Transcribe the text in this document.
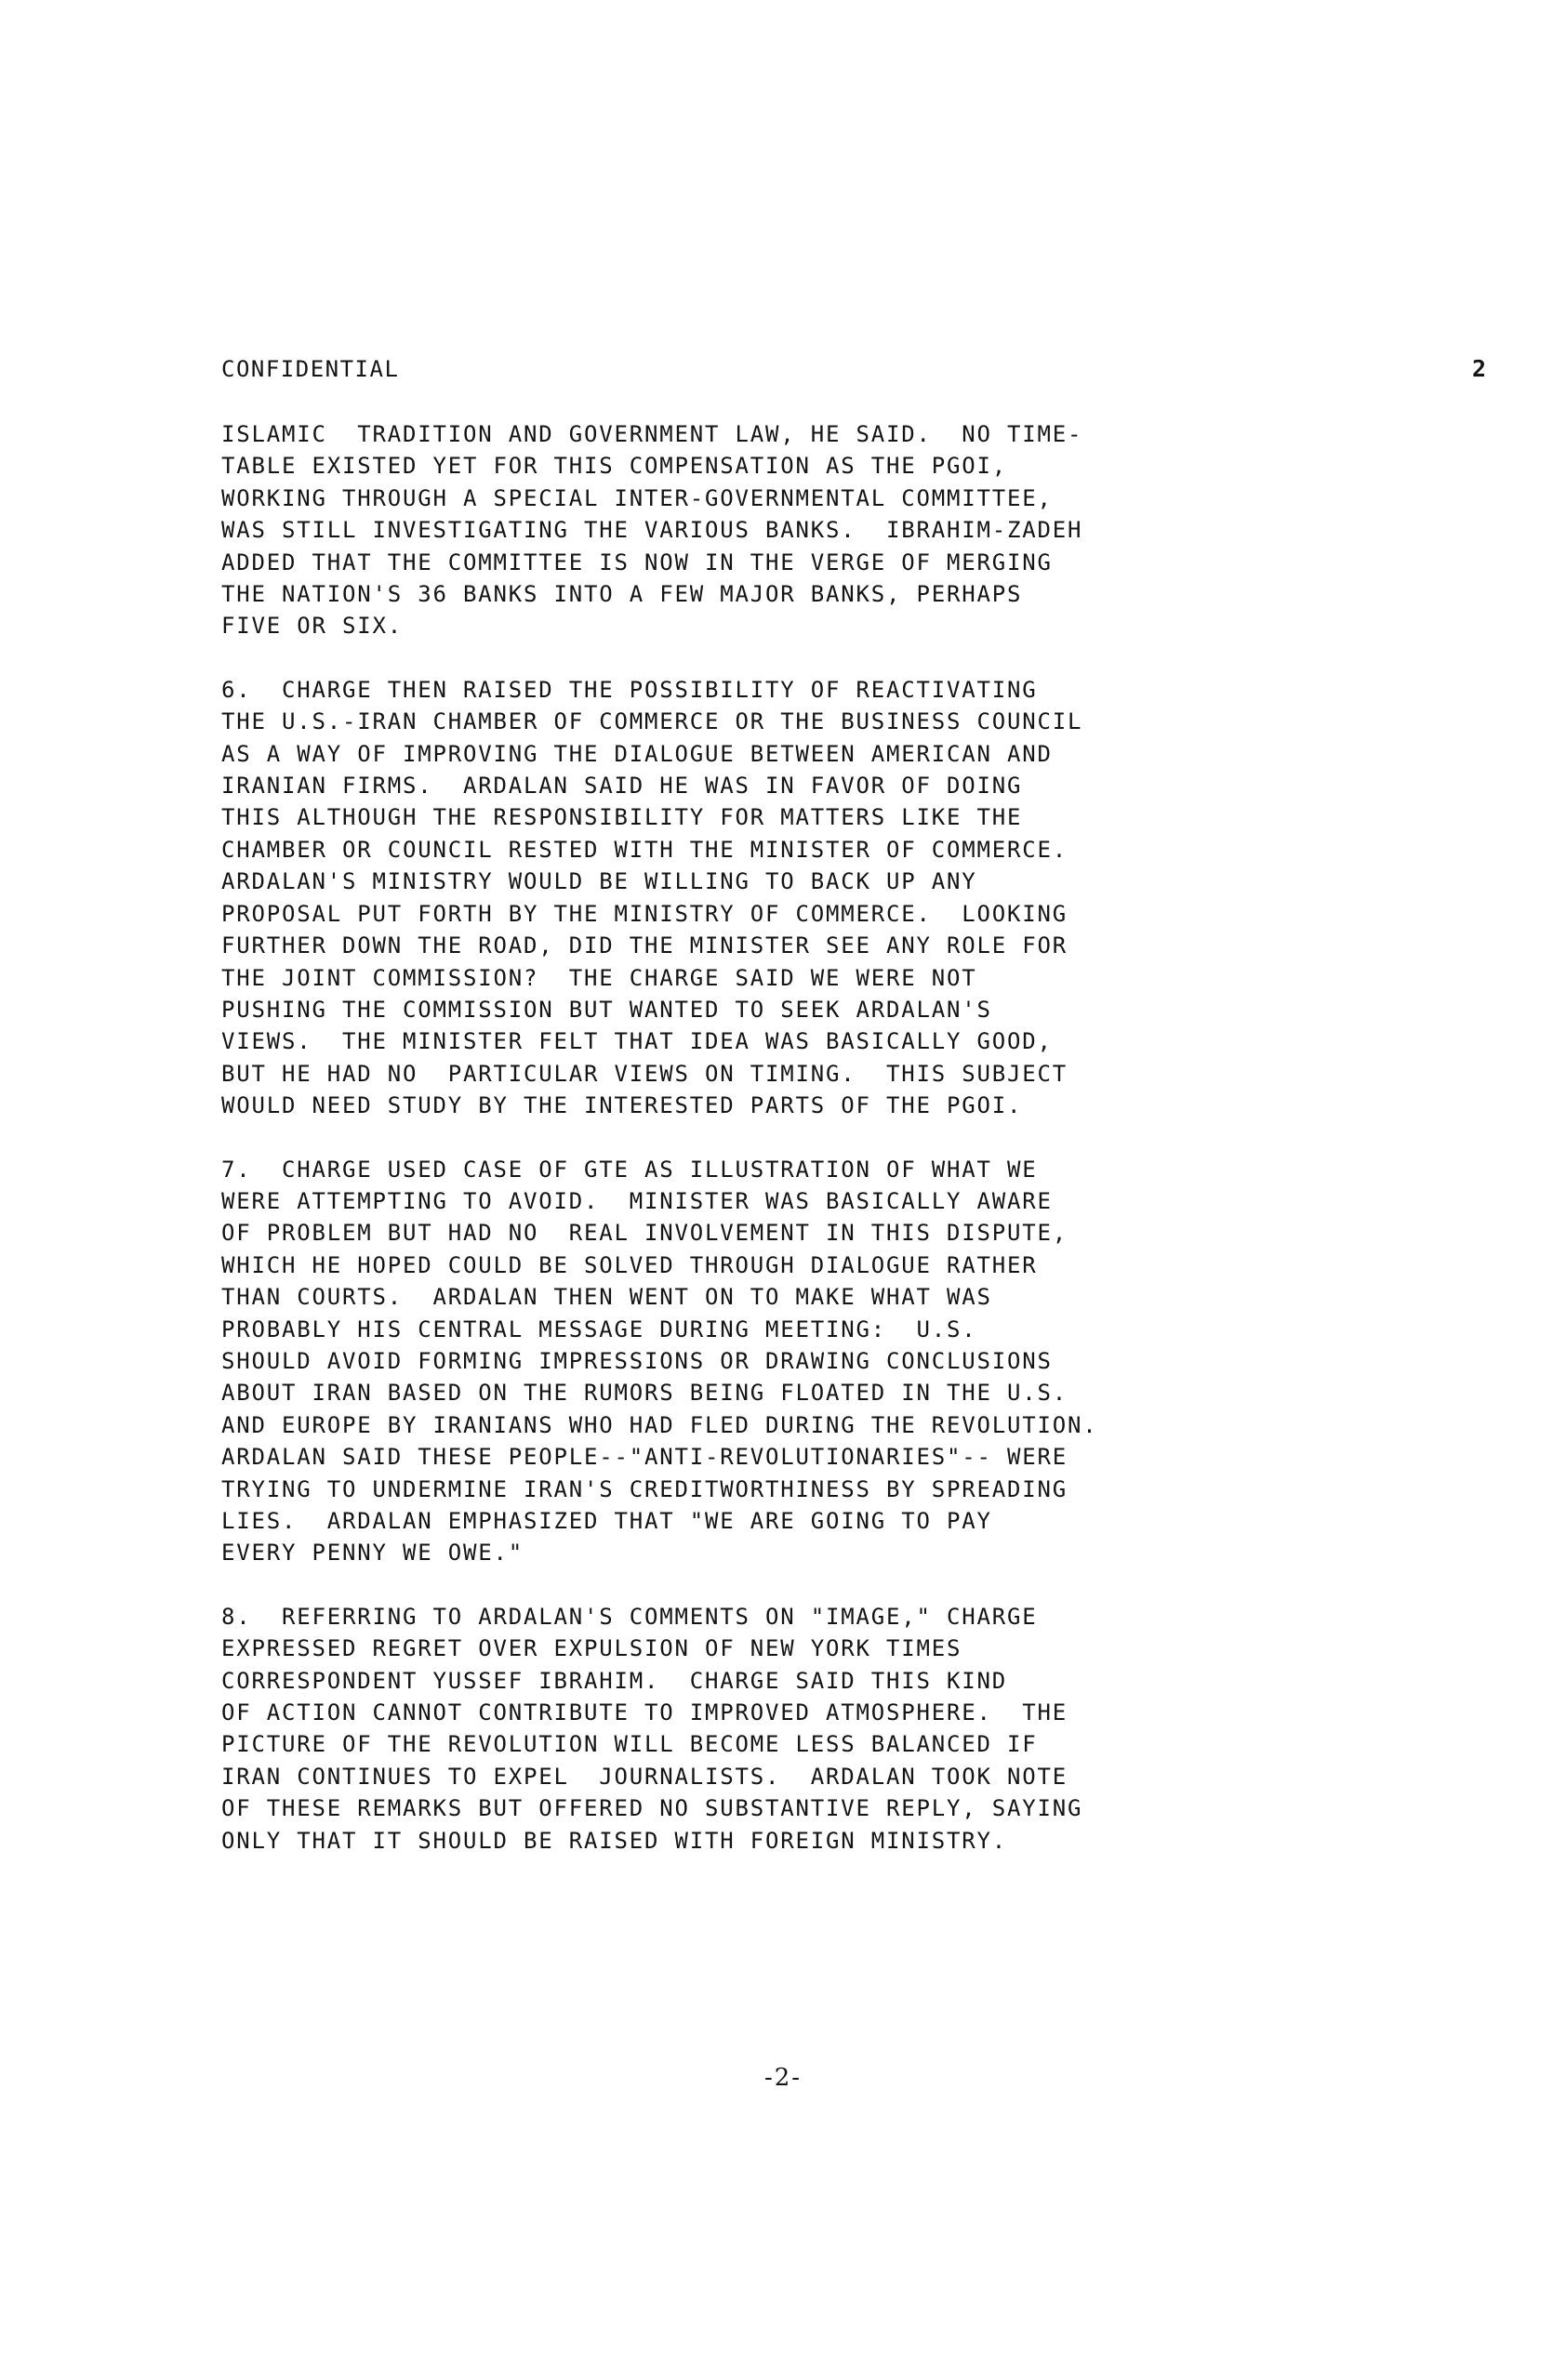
CONFIDENTIAL	2
ISLAMIC  TRADITION AND GOVERNMENT LAW, HE SAID.  NO TIME-
TABLE EXISTED YET FOR THIS COMPENSATION AS THE PGOI,
WORKING THROUGH A SPECIAL INTER-GOVERNMENTAL COMMITTEE,
WAS STILL INVESTIGATING THE VARIOUS BANKS.  IBRAHIM-ZADEH
ADDED THAT THE COMMITTEE IS NOW IN THE VERGE OF MERGING
THE NATION'S 36 BANKS INTO A FEW MAJOR BANKS, PERHAPS
FIVE OR SIX.
6.  CHARGE THEN RAISED THE POSSIBILITY OF REACTIVATING
THE U.S.-IRAN CHAMBER OF COMMERCE OR THE BUSINESS COUNCIL
AS A WAY OF IMPROVING THE DIALOGUE BETWEEN AMERICAN AND
IRANIAN FIRMS.  ARDALAN SAID HE WAS IN FAVOR OF DOING
THIS ALTHOUGH THE RESPONSIBILITY FOR MATTERS LIKE THE
CHAMBER OR COUNCIL RESTED WITH THE MINISTER OF COMMERCE.
ARDALAN'S MINISTRY WOULD BE WILLING TO BACK UP ANY
PROPOSAL PUT FORTH BY THE MINISTRY OF COMMERCE.  LOOKING
FURTHER DOWN THE ROAD, DID THE MINISTER SEE ANY ROLE FOR
THE JOINT COMMISSION?  THE CHARGE SAID WE WERE NOT
PUSHING THE COMMISSION BUT WANTED TO SEEK ARDALAN'S
VIEWS.  THE MINISTER FELT THAT IDEA WAS BASICALLY GOOD,
BUT HE HAD NO  PARTICULAR VIEWS ON TIMING.  THIS SUBJECT
WOULD NEED STUDY BY THE INTERESTED PARTS OF THE PGOI.
7.  CHARGE USED CASE OF GTE AS ILLUSTRATION OF WHAT WE
WERE ATTEMPTING TO AVOID.  MINISTER WAS BASICALLY AWARE
OF PROBLEM BUT HAD NO  REAL INVOLVEMENT IN THIS DISPUTE,
WHICH HE HOPED COULD BE SOLVED THROUGH DIALOGUE RATHER
THAN COURTS.  ARDALAN THEN WENT ON TO MAKE WHAT WAS
PROBABLY HIS CENTRAL MESSAGE DURING MEETING:  U.S.
SHOULD AVOID FORMING IMPRESSIONS OR DRAWING CONCLUSIONS
ABOUT IRAN BASED ON THE RUMORS BEING FLOATED IN THE U.S.
AND EUROPE BY IRANIANS WHO HAD FLED DURING THE REVOLUTION.
ARDALAN SAID THESE PEOPLE--"ANTI-REVOLUTIONARIES"-- WERE
TRYING TO UNDERMINE IRAN'S CREDITWORTHINESS BY SPREADING
LIES.  ARDALAN EMPHASIZED THAT "WE ARE GOING TO PAY
EVERY PENNY WE OWE."
8.  REFERRING TO ARDALAN'S COMMENTS ON "IMAGE," CHARGE
EXPRESSED REGRET OVER EXPULSION OF NEW YORK TIMES
CORRESPONDENT YUSSEF IBRAHIM.  CHARGE SAID THIS KIND
OF ACTION CANNOT CONTRIBUTE TO IMPROVED ATMOSPHERE.  THE
PICTURE OF THE REVOLUTION WILL BECOME LESS BALANCED IF
IRAN CONTINUES TO EXPEL  JOURNALISTS.  ARDALAN TOOK NOTE
OF THESE REMARKS BUT OFFERED NO SUBSTANTIVE REPLY, SAYING
ONLY THAT IT SHOULD BE RAISED WITH FOREIGN MINISTRY.
-2-
